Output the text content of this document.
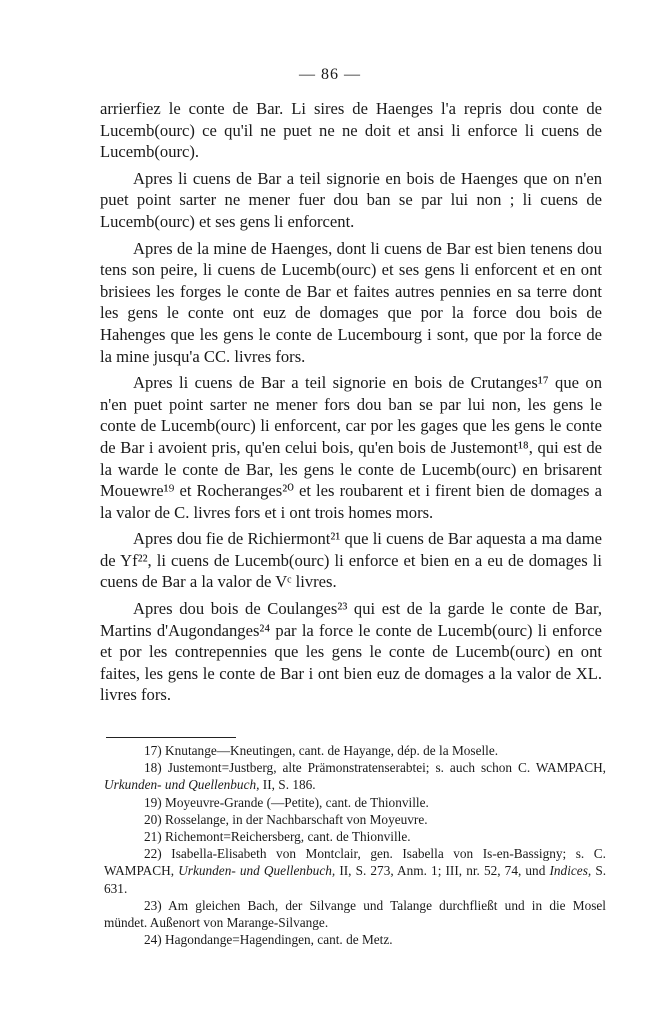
— 86 —

arrierfiez le conte de Bar. Li sires de Haenges l'a repris dou conte de Lucemb(ourc) ce qu'il ne puet ne ne doit et ansi li enforce li cuens de Lucemb(ourc).

Apres li cuens de Bar a teil signorie en bois de Haenges que on n'en puet point sarter ne mener fuer dou ban se par lui non ; li cuens de Lucemb(ourc) et ses gens li enforcent.

Apres de la mine de Haenges, dont li cuens de Bar est bien tenens dou tens son peire, li cuens de Lucemb(ourc) et ses gens li enforcent et en ont brisiees les forges le conte de Bar et faites autres pennies en sa terre dont les gens le conte ont euz de domages que por la force dou bois de Hahenges que les gens le conte de Lucembourg i sont, que por la force de la mine jusqu'a CC. livres fors.

Apres li cuens de Bar a teil signorie en bois de Crutanges¹⁷ que on n'en puet point sarter ne mener fors dou ban se par lui non, les gens le conte de Lucemb(ourc) li enforcent, car por les gages que les gens le conte de Bar i avoient pris, qu'en celui bois, qu'en bois de Justemont¹⁸, qui est de la warde le conte de Bar, les gens le conte de Lucemb(ourc) en brisarent Mouewre¹⁹ et Rocheranges²⁰ et les roubarent et i firent bien de domages a la valor de C. livres fors et i ont trois homes mors.

Apres dou fie de Richiermont²¹ que li cuens de Bar aquesta a ma dame de Yf²², li cuens de Lucemb(ourc) li enforce et bien en a eu de domages li cuens de Bar a la valor de Vᶜ livres.

Apres dou bois de Coulanges²³ qui est de la garde le conte de Bar, Martins d'Augondanges²⁴ par la force le conte de Lucemb(ourc) li enforce et por les contrepennies que les gens le conte de Lucemb(ourc) en ont faites, les gens le conte de Bar i ont bien euz de domages a la valor de XL. livres fors.

17) Knutange—Kneutingen, cant. de Hayange, dép. de la Moselle.

18) Justemont=Justberg, alte Prämonstratenserabtei; s. auch schon C. WAMPACH, Urkunden- und Quellenbuch, II, S. 186.

19) Moyeuvre-Grande (—Petite), cant. de Thionville.

20) Rosselange, in der Nachbarschaft von Moyeuvre.

21) Richemont=Reichersberg, cant. de Thionville.

22) Isabella-Elisabeth von Montclair, gen. Isabella von Is-en-Bassigny; s. C. WAMPACH, Urkunden- und Quellenbuch, II, S. 273, Anm. 1; III, nr. 52, 74, und Indices, S. 631.

23) Am gleichen Bach, der Silvange und Talange durchfließt und in die Mosel mündet. Außenort von Marange-Silvange.

24) Hagondange=Hagendingen, cant. de Metz.
